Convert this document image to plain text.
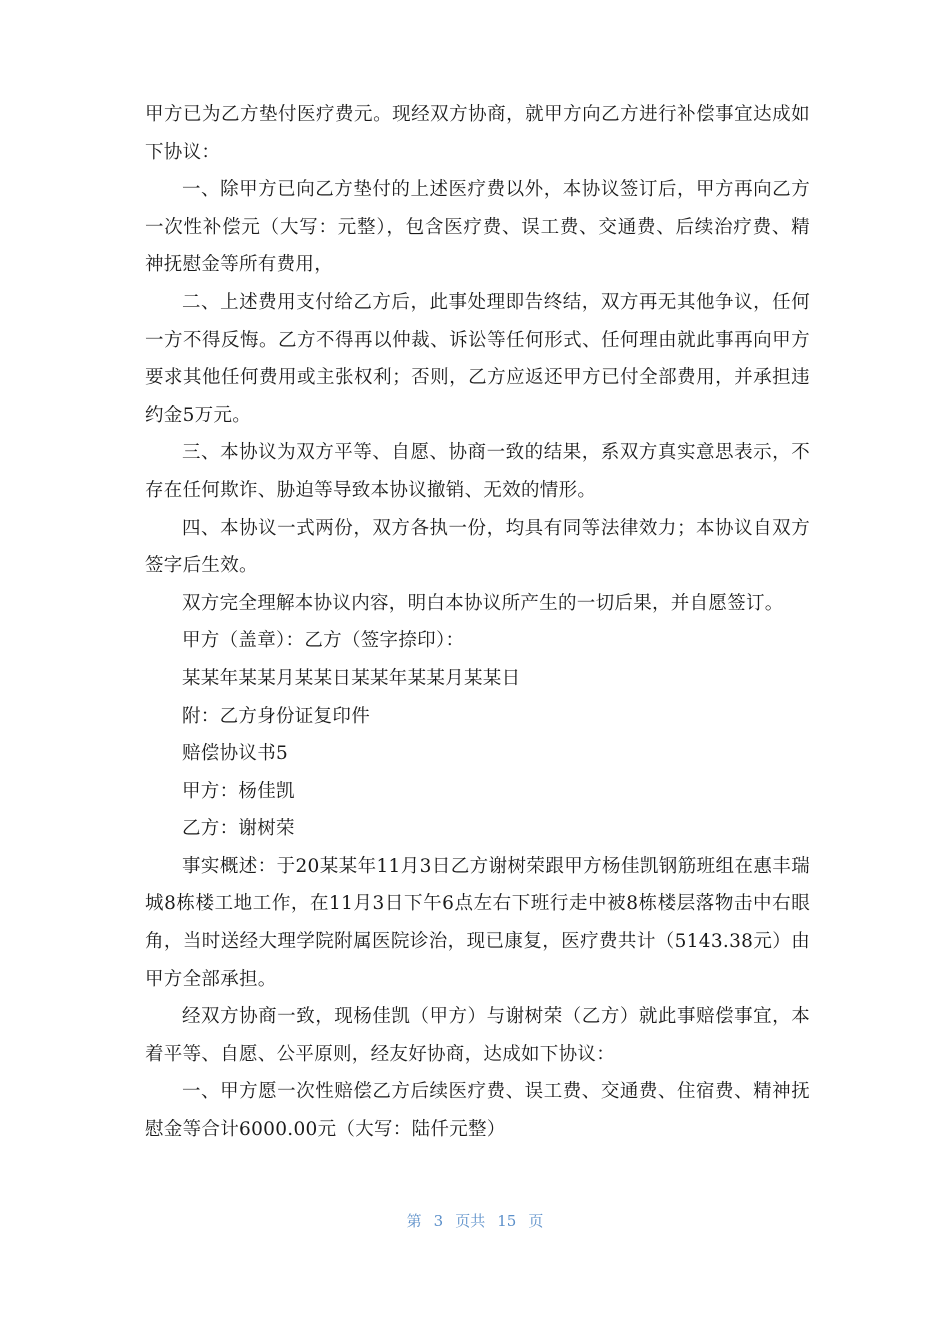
甲方已为乙方垫付医疗费元。现经双方协商，就甲方向乙方进行补偿事宜达成如下协议：

一、除甲方已向乙方垫付的上述医疗费以外，本协议签订后，甲方再向乙方一次性补偿元（大写：元整），包含医疗费、误工费、交通费、后续治疗费、精神抚慰金等所有费用，

二、上述费用支付给乙方后，此事处理即告终结，双方再无其他争议，任何一方不得反悔。乙方不得再以仲裁、诉讼等任何形式、任何理由就此事再向甲方要求其他任何费用或主张权利；否则，乙方应返还甲方已付全部费用，并承担违约金5万元。

三、本协议为双方平等、自愿、协商一致的结果，系双方真实意思表示，不存在任何欺诈、胁迫等导致本协议撤销、无效的情形。

四、本协议一式两份，双方各执一份，均具有同等法律效力；本协议自双方签字后生效。

双方完全理解本协议内容，明白本协议所产生的一切后果，并自愿签订。

甲方（盖章）：乙方（签字捺印）：

某某年某某月某某日某某年某某月某某日

附：乙方身份证复印件

赔偿协议书5

甲方：杨佳凯

乙方：谢树荣

事实概述：于20某某年11月3日乙方谢树荣跟甲方杨佳凯钢筋班组在惠丰瑞城8栋楼工地工作，在11月3日下午6点左右下班行走中被8栋楼层落物击中右眼角，当时送经大理学院附属医院诊治，现已康复，医疗费共计（5143.38元）由甲方全部承担。

经双方协商一致，现杨佳凯（甲方）与谢树荣（乙方）就此事赔偿事宜，本着平等、自愿、公平原则，经友好协商，达成如下协议：

一、甲方愿一次性赔偿乙方后续医疗费、误工费、交通费、住宿费、精神抚慰金等合计6000.00元（大写：陆仟元整）

第 3 页共 15 页
